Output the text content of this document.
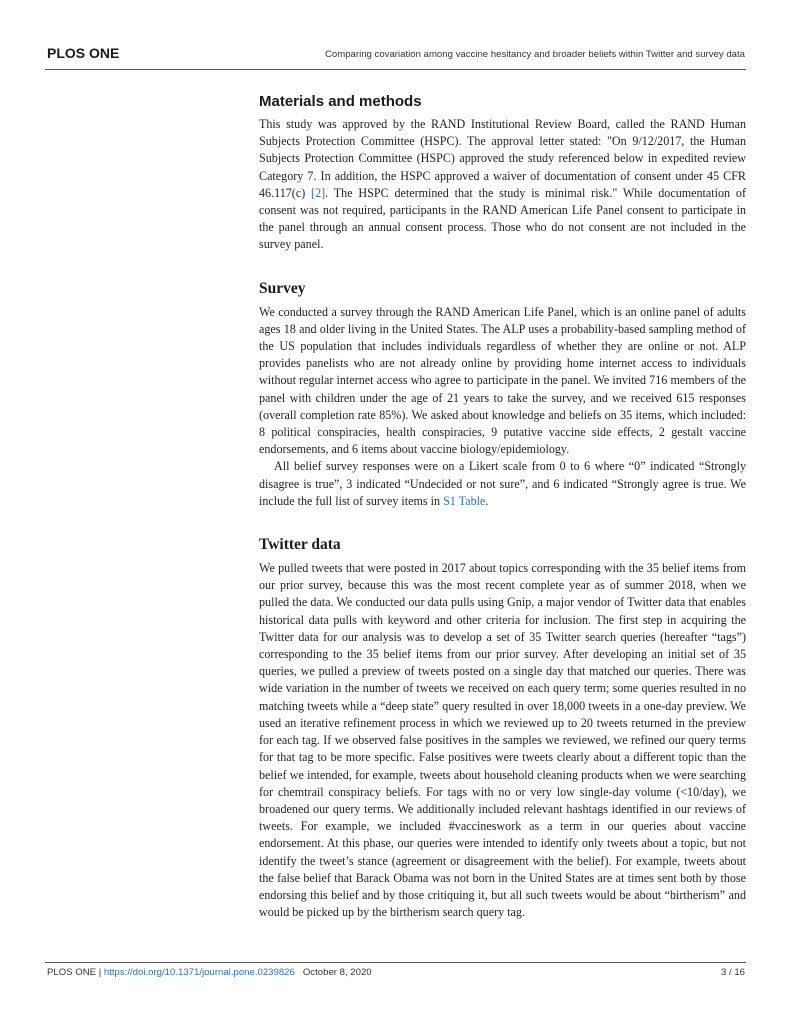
PLOS ONE	Comparing covariation among vaccine hesitancy and broader beliefs within Twitter and survey data
Materials and methods

This study was approved by the RAND Institutional Review Board, called the RAND Human Subjects Protection Committee (HSPC). The approval letter stated: "On 9/12/2017, the Human Subjects Protection Committee (HSPC) approved the study referenced below in expedited review Category 7. In addition, the HSPC approved a waiver of documentation of consent under 45 CFR 46.117(c) [2]. The HSPC determined that the study is minimal risk." While documentation of consent was not required, participants in the RAND American Life Panel consent to participate in the panel through an annual consent process. Those who do not consent are not included in the survey panel.

Survey

We conducted a survey through the RAND American Life Panel, which is an online panel of adults ages 18 and older living in the United States. The ALP uses a probability-based sampling method of the US population that includes individuals regardless of whether they are online or not. ALP provides panelists who are not already online by providing home internet access to individuals without regular internet access who agree to participate in the panel. We invited 716 members of the panel with children under the age of 21 years to take the survey, and we received 615 responses (overall completion rate 85%). We asked about knowledge and beliefs on 35 items, which included: 8 political conspiracies, health conspiracies, 9 putative vaccine side effects, 2 gestalt vaccine endorsements, and 6 items about vaccine biology/epidemiology.

All belief survey responses were on a Likert scale from 0 to 6 where “0” indicated “Strongly disagree is true”, 3 indicated “Undecided or not sure”, and 6 indicated “Strongly agree is true. We include the full list of survey items in S1 Table.

Twitter data

We pulled tweets that were posted in 2017 about topics corresponding with the 35 belief items from our prior survey, because this was the most recent complete year as of summer 2018, when we pulled the data. We conducted our data pulls using Gnip, a major vendor of Twitter data that enables historical data pulls with keyword and other criteria for inclusion. The first step in acquiring the Twitter data for our analysis was to develop a set of 35 Twitter search queries (hereafter “tags”) corresponding to the 35 belief items from our prior survey. After developing an initial set of 35 queries, we pulled a preview of tweets posted on a single day that matched our queries. There was wide variation in the number of tweets we received on each query term; some queries resulted in no matching tweets while a “deep state” query resulted in over 18,000 tweets in a one-day preview. We used an iterative refinement process in which we reviewed up to 20 tweets returned in the preview for each tag. If we observed false positives in the samples we reviewed, we refined our query terms for that tag to be more specific. False positives were tweets clearly about a different topic than the belief we intended, for example, tweets about household cleaning products when we were searching for chemtrail conspiracy beliefs. For tags with no or very low single-day volume (<10/day), we broadened our query terms. We additionally included relevant hashtags identified in our reviews of tweets. For example, we included #vaccineswork as a term in our queries about vaccine endorsement. At this phase, our queries were intended to identify only tweets about a topic, but not identify the tweet’s stance (agreement or disagreement with the belief). For example, tweets about the false belief that Barack Obama was not born in the United States are at times sent both by those endorsing this belief and by those critiquing it, but all such tweets would be about “birtherism” and would be picked up by the birtherism search query tag.

PLOS ONE | https://doi.org/10.1371/journal.pone.0239826 October 8, 2020	3 / 16
